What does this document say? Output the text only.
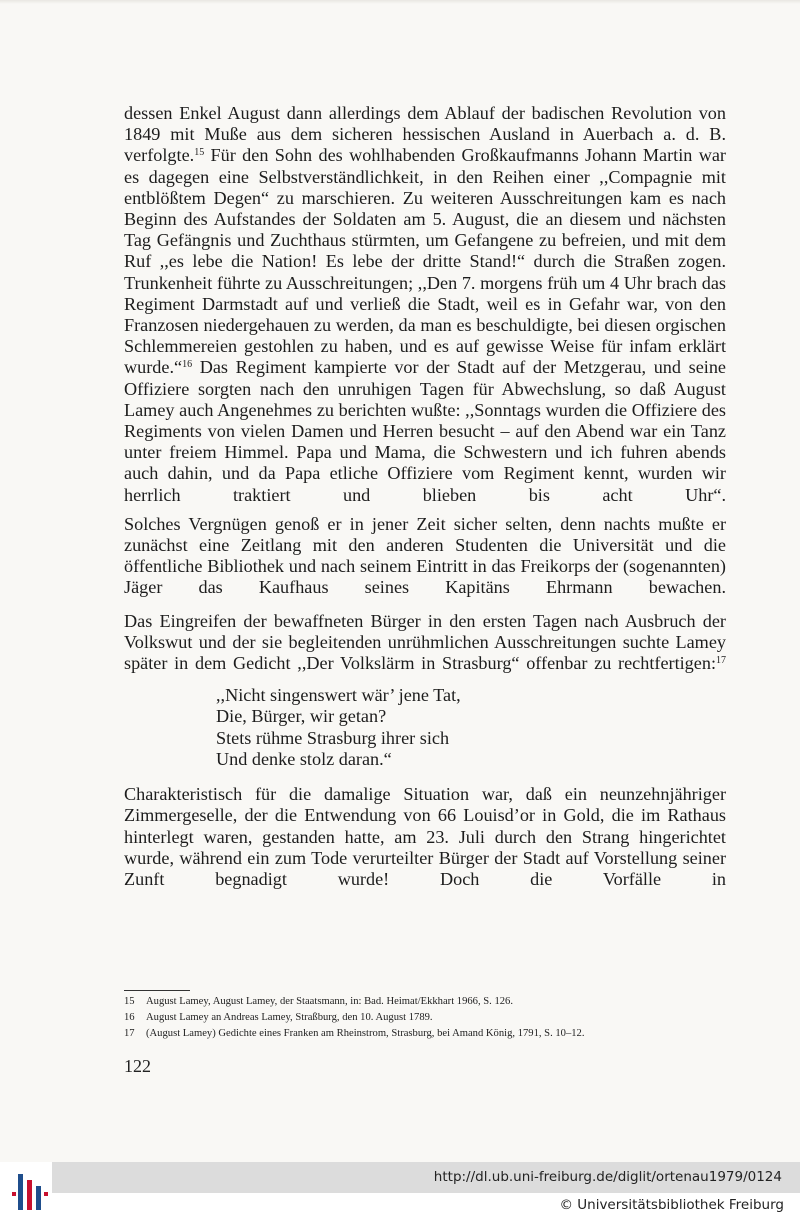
dessen Enkel August dann allerdings dem Ablauf der badischen Revolution von 1849 mit Muße aus dem sicheren hessischen Ausland in Auerbach a. d. B. verfolgte.$^{15}$ Für den Sohn des wohlhabenden Großkaufmanns Johann Martin war es dagegen eine Selbstverständlichkeit, in den Reihen einer ,,Compagnie mit entblößtem Degen“ zu marschieren. Zu weiteren Ausschreitungen kam es nach Beginn des Aufstandes der Soldaten am 5. August, die an diesem und nächsten Tag Gefängnis und Zuchthaus stürmten, um Gefangene zu befreien, und mit dem Ruf ,,es lebe die Nation! Es lebe der dritte Stand!“ durch die Straßen zogen. Trunkenheit führte zu Ausschreitungen; ,,Den 7. morgens früh um 4 Uhr brach das Regiment Darmstadt auf und verließ die Stadt, weil es in Gefahr war, von den Franzosen niedergehauen zu werden, da man es beschuldigte, bei diesen orgischen Schlemmereien gestohlen zu haben, und es auf gewisse Weise für infam erklärt wurde.“$^{16}$ Das Regiment kampierte vor der Stadt auf der Metzgerau, und seine Offiziere sorgten nach den unruhigen Tagen für Abwechslung, so daß August Lamey auch Angenehmes zu berichten wußte: ,,Sonntags wurden die Offiziere des Regiments von vielen Damen und Herren besucht – auf den Abend war ein Tanz unter freiem Himmel. Papa und Mama, die Schwestern und ich fuhren abends auch dahin, und da Papa etliche Offiziere vom Regiment kennt, wurden wir herrlich traktiert und blieben bis acht Uhr“.

Solches Vergnügen genoß er in jener Zeit sicher selten, denn nachts mußte er zunächst eine Zeitlang mit den anderen Studenten die Universität und die öffentliche Bibliothek und nach seinem Eintritt in das Freikorps der (sogenannten) Jäger das Kaufhaus seines Kapitäns Ehrmann bewachen.

Das Eingreifen der bewaffneten Bürger in den ersten Tagen nach Ausbruch der Volkswut und der sie begleitenden unrühmlichen Ausschreitungen suchte Lamey später in dem Gedicht ,,Der Volkslärm in Strasburg“ offenbar zu rechtfertigen:$^{17}$

,,Nicht singenswert wär’ jene Tat,
Die, Bürger, wir getan?
Stets rühme Strasburg ihrer sich
Und denke stolz daran.“

Charakteristisch für die damalige Situation war, daß ein neunzehnjähriger Zimmergeselle, der die Entwendung von 66 Louisd’or in Gold, die im Rathaus hinterlegt waren, gestanden hatte, am 23. Juli durch den Strang hingerichtet wurde, während ein zum Tode verurteilter Bürger der Stadt auf Vorstellung seiner Zunft begnadigt wurde! Doch die Vorfälle in

15 August Lamey, August Lamey, der Staatsmann, in: Bad. Heimat/Ekkhart 1966, S. 126.
16 August Lamey an Andreas Lamey, Straßburg, den 10. August 1789.
17 (August Lamey) Gedichte eines Franken am Rheinstrom, Strasburg, bei Amand König, 1791, S. 10–12.
122
http://dl.ub.uni-freiburg.de/diglit/ortenau1979/0124
© Universitätsbibliothek Freiburg
